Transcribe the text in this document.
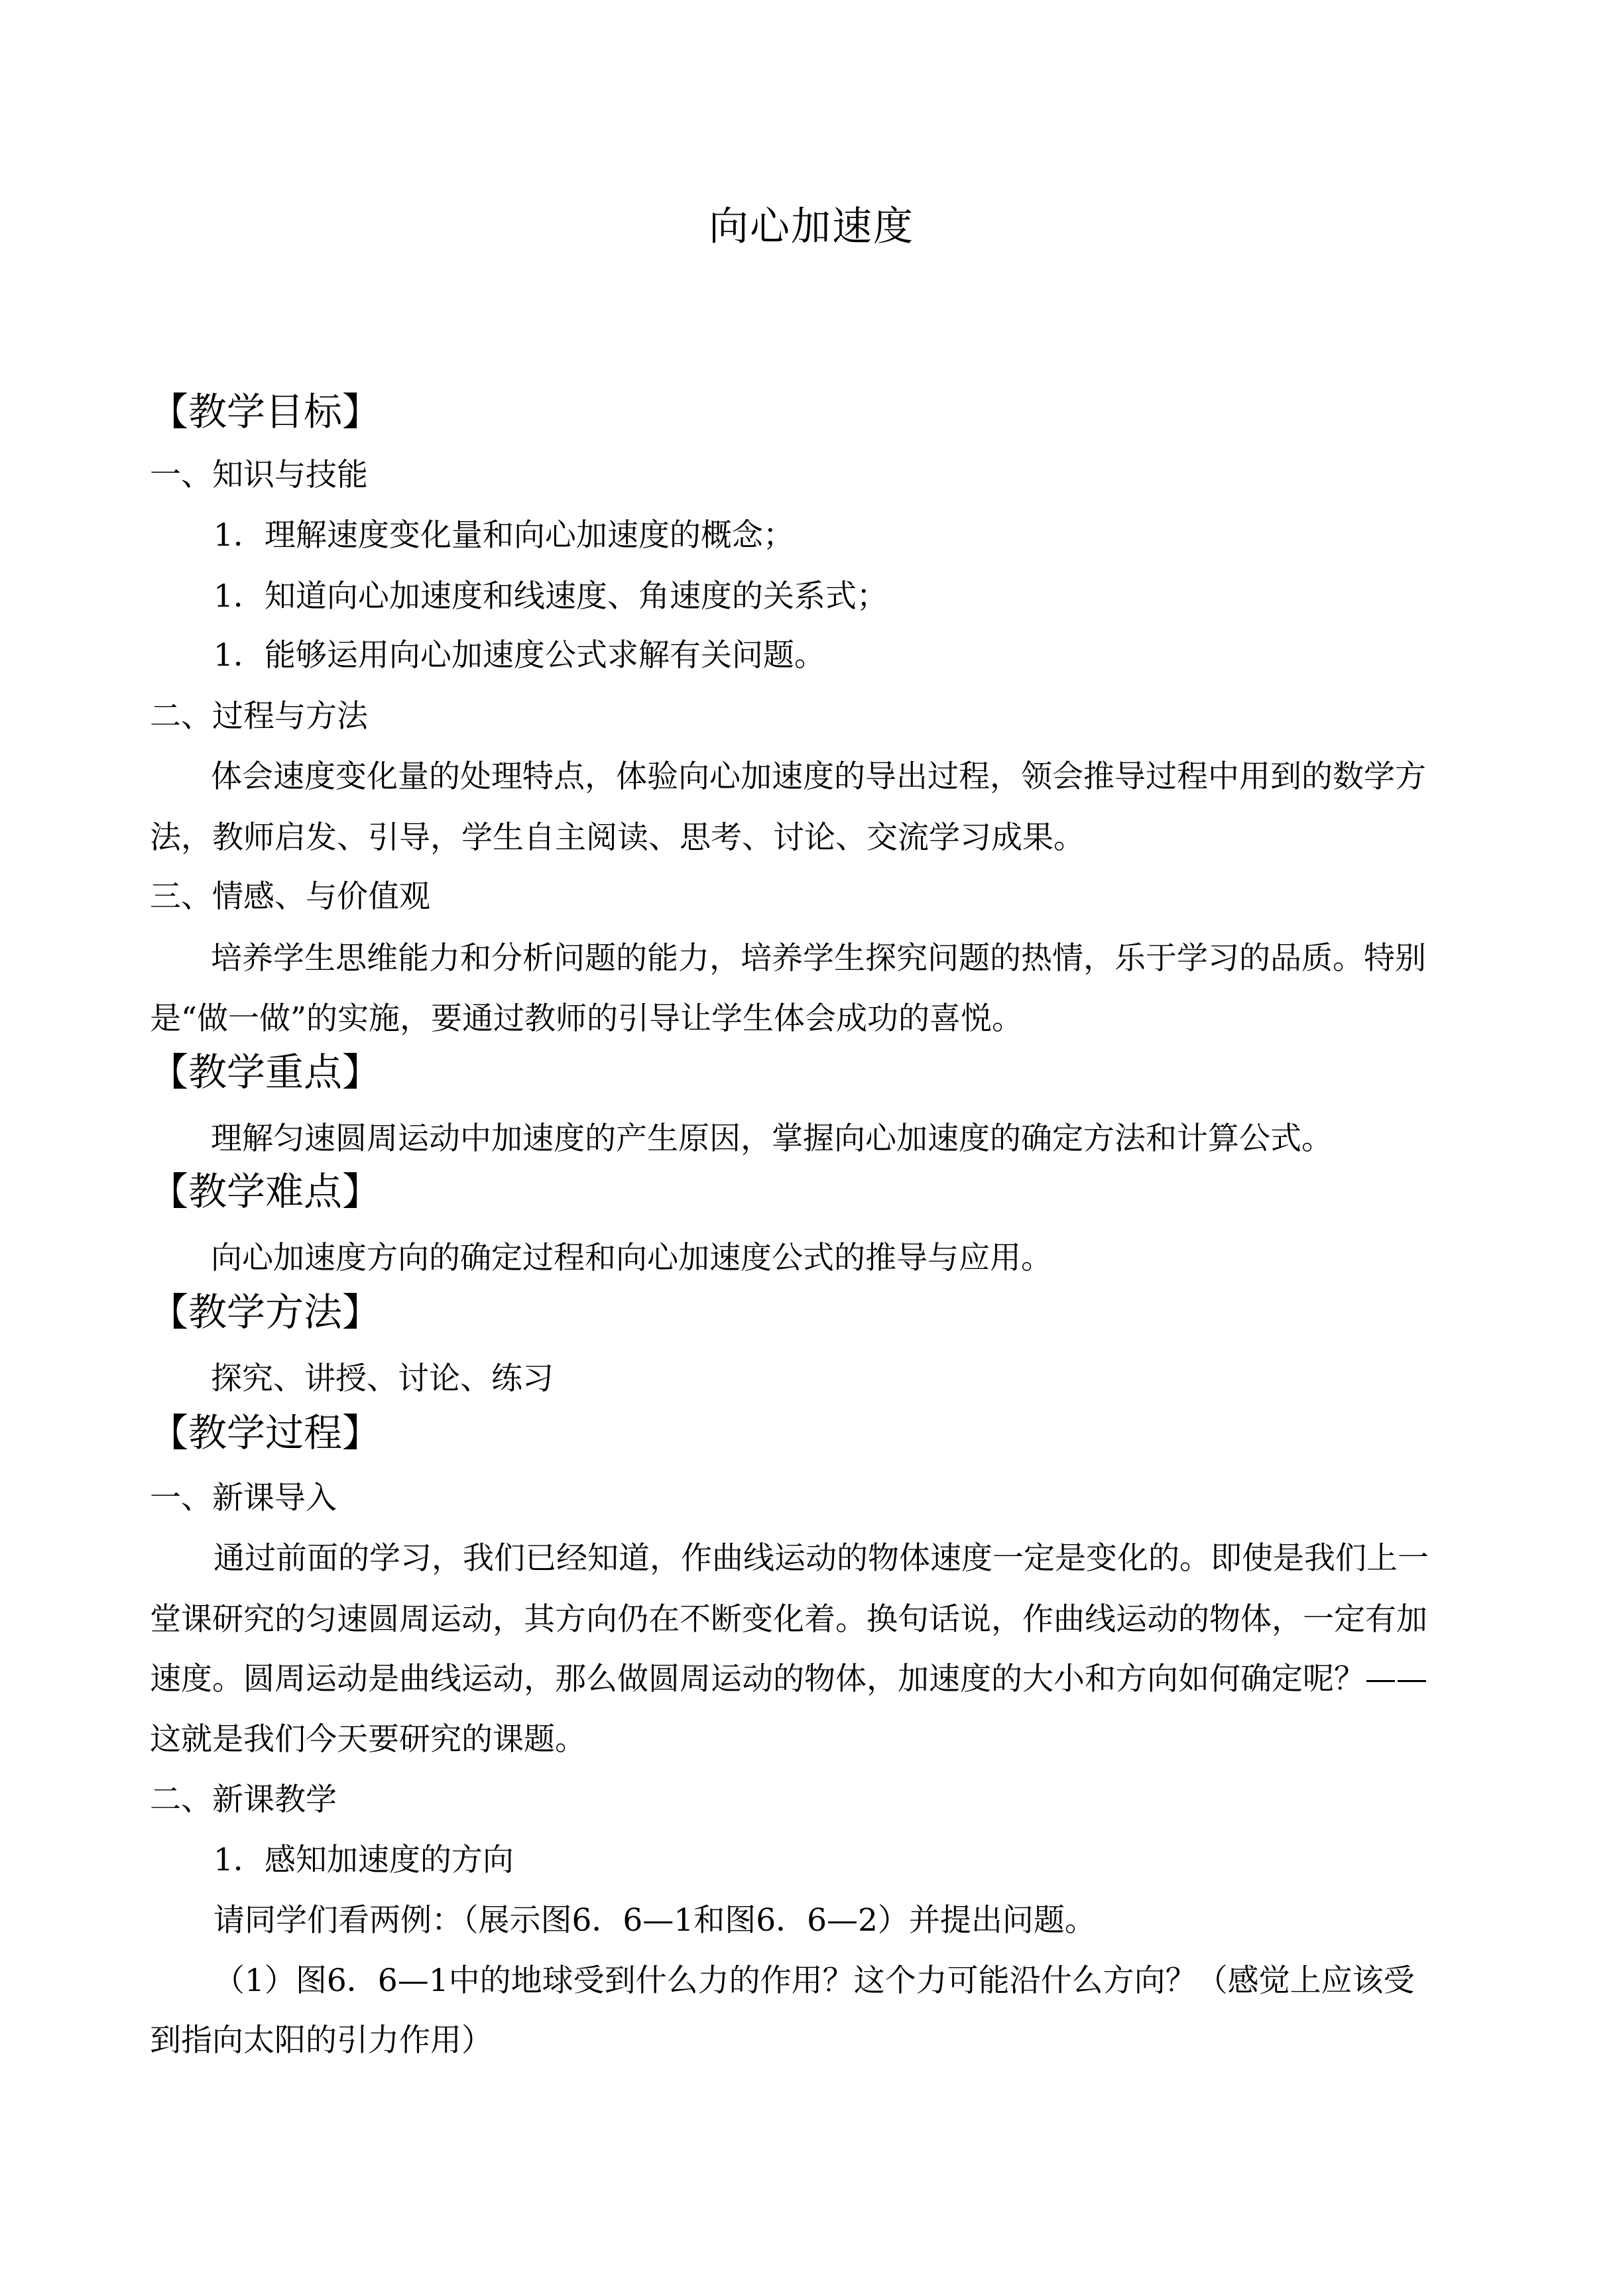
向心加速度
【教学目标】

一、知识与技能

1．理解速度变化量和向心加速度的概念；

1．知道向心加速度和线速度、角速度的关系式；

1．能够运用向心加速度公式求解有关问题。

二、过程与方法

体会速度变化量的处理特点，体验向心加速度的导出过程，领会推导过程中用到的数学方

法，教师启发、引导，学生自主阅读、思考、讨论、交流学习成果。

三、情感、与价值观

培养学生思维能力和分析问题的能力，培养学生探究问题的热情，乐于学习的品质。特别

是“做一做”的实施，要通过教师的引导让学生体会成功的喜悦。

【教学重点】

理解匀速圆周运动中加速度的产生原因，掌握向心加速度的确定方法和计算公式。

【教学难点】

向心加速度方向的确定过程和向心加速度公式的推导与应用。

【教学方法】

探究、讲授、讨论、练习

【教学过程】

一、新课导入

通过前面的学习，我们已经知道，作曲线运动的物体速度一定是变化的。即使是我们上一

堂课研究的匀速圆周运动，其方向仍在不断变化着。换句话说，作曲线运动的物体，一定有加

速度。圆周运动是曲线运动，那么做圆周运动的物体，加速度的大小和方向如何确定呢？——

这就是我们今天要研究的课题。

二、新课教学

1．感知加速度的方向

请同学们看两例：（展示图6．6—1和图6．6—2）并提出问题。

（1）图6．6—1中的地球受到什么力的作用？这个力可能沿什么方向？（感觉上应该受

到指向太阳的引力作用）
